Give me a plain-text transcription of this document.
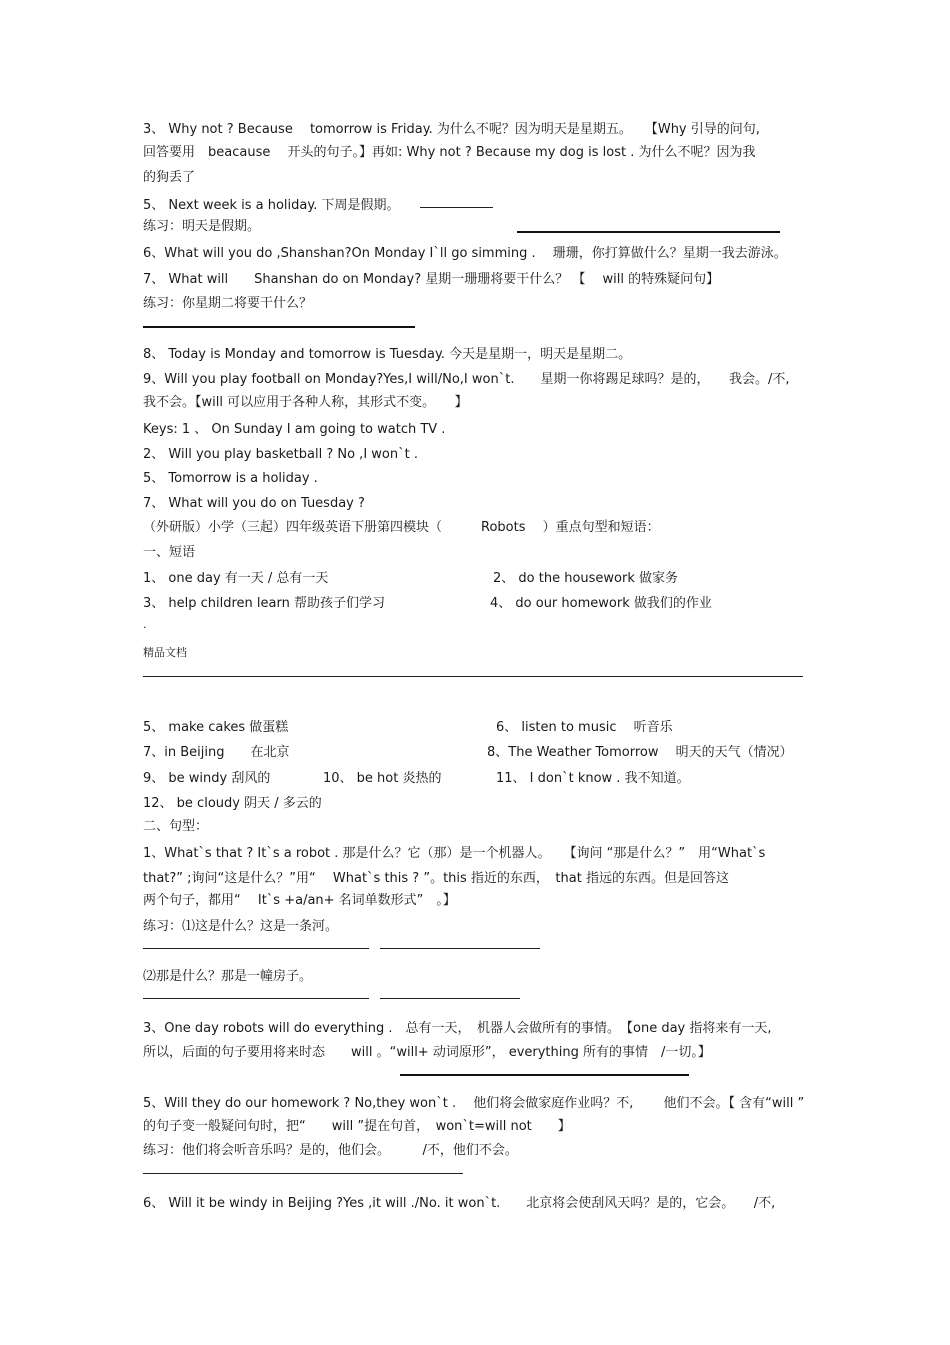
3、 Why not ? Because　 tomorrow is Friday. 为什么不呢？因为明天是星期五。　　【Why 引导的问句,
回答要用　beacause　 开头的句子。】再如: Why not ? Because my dog is lost . 为什么不呢？因为我
的狗丢了
5、 Next week is a holiday. 下周是假期。
练习：明天是假期。
6、What will you do ,Shanshan?On Monday I`ll go simming .　 珊珊，你打算做什么？星期一我去游泳。
7、 What will　　Shanshan do on Monday? 星期一珊珊将要干什么？ 【　 will 的特殊疑问句】
练习：你星期二将要干什么？
8、 Today is Monday and tomorrow is Tuesday. 今天是星期一，明天是星期二。
9、Will you play football on Monday?Yes,I will/No,I won`t.　　星期一你将踢足球吗？是的，　　我会。/不,
我不会。【will 可以应用于各种人称，其形式不变。　　】
Keys: 1 、 On Sunday I am going to watch TV .
2、 Will you play basketball ? No ,I won`t .
5、 Tomorrow is a holiday .
7、 What will you do on Tuesday ?
（外研版）小学（三起）四年级英语下册第四模块（　　　Robots　 ）重点句型和短语：
一、短语
1、 one day 有一天 / 总有一天	2、 do the housework 做家务
3、 help children learn 帮助孩子们学习	4、 do our homework 做我们的作业
·
精品文档
5、 make cakes 做蛋糕	6、 listen to music　 听音乐
7、in Beijing　　在北京	8、The Weather Tomorrow　 明天的天气（情况）
9、 be windy 刮风的	10、 be hot 炎热的	11、 I don`t know . 我不知道。
12、 be cloudy 阴天 / 多云的
二、句型：
1、What`s that ? It`s a robot . 那是什么？它（那）是一个机器人。　　【询问 “那是什么？”　用“What`s
that?” ;询问“这是什么？”用“　 What`s this ? ”。this 指近的东西，　that 指远的东西。但是回答这
两个句子，都用“　 It`s +a/an+ 名词单数形式”　。】
练习：⑴这是什么？这是一条河。
⑵那是什么？那是一幢房子。
3、One day robots will do everything .　总有一天，　机器人会做所有的事情。　【one day 指将来有一天,
所以，后面的句子要用将来时态　　will 。“will+ 动词原形”， everything 所有的事情　/一切。】
5、Will they do our homework ? No,they won`t .　 他们将会做家庭作业吗？不,　　 他们不会。【 含有“will ”
的句子变一般疑问句时，把“　　will ”提在句首，　won`t=will not　　】
练习：他们将会听音乐吗？是的，他们会。　　　/不，他们不会。
6、 Will it be windy in Beijing ?Yes ,it will ./No. it won`t.　　北京将会使刮风天吗？是的，它会。　　/不,
